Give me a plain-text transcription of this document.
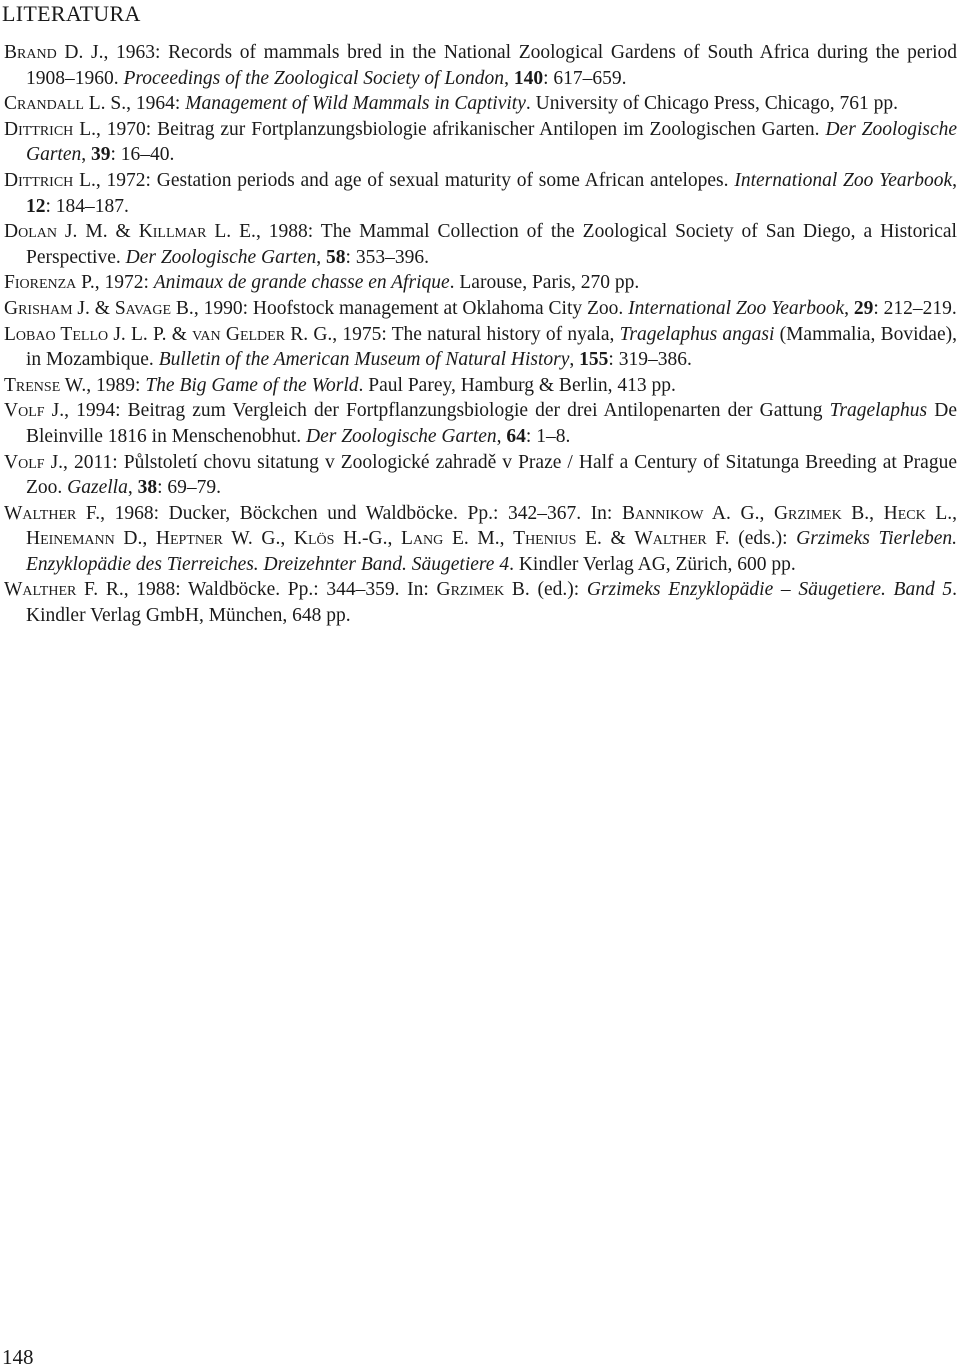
LITERATURA
Brand D. J., 1963: Records of mammals bred in the National Zoological Gardens of South Africa during the period 1908–1960. Proceedings of the Zoological Society of London, 140: 617–659.
Crandall L. S., 1964: Management of Wild Mammals in Captivity. University of Chicago Press, Chicago, 761 pp.
Dittrich L., 1970: Beitrag zur Fortplanzungsbiologie afrikanischer Antilopen im Zoologischen Garten. Der Zoologische Garten, 39: 16–40.
Dittrich L., 1972: Gestation periods and age of sexual maturity of some African antelopes. International Zoo Yearbook, 12: 184–187.
Dolan J. M. & Killmar L. E., 1988: The Mammal Collection of the Zoological Society of San Diego, a Historical Perspective. Der Zoologische Garten, 58: 353–396.
Fiorenza P., 1972: Animaux de grande chasse en Afrique. Larouse, Paris, 270 pp.
Grisham J. & Savage B., 1990: Hoofstock management at Oklahoma City Zoo. International Zoo Yearbook, 29: 212–219.
Lobao Tello J. L. P. & van Gelder R. G., 1975: The natural history of nyala, Tragelaphus angasi (Mammalia, Bovidae), in Mozambique. Bulletin of the American Museum of Natural History, 155: 319–386.
Trense W., 1989: The Big Game of the World. Paul Parey, Hamburg & Berlin, 413 pp.
Volf J., 1994: Beitrag zum Vergleich der Fortpflanzungsbiologie der drei Antilopenarten der Gattung Tragelaphus De Bleinville 1816 in Menschenobhut. Der Zoologische Garten, 64: 1–8.
Volf J., 2011: Půlstoletí chovu sitatung v Zoologické zahradě v Praze / Half a Century of Sitatunga Breeding at Prague Zoo. Gazella, 38: 69–79.
Walther F., 1968: Ducker, Böckchen und Waldböcke. Pp.: 342–367. In: Bannikow A. G., Grzimek B., Heck L., Heinemann D., Heptner W. G., Klös H.-G., Lang E. M., Thenius E. & Walther F. (eds.): Grzimeks Tierleben. Enzyklopädie des Tierreiches. Dreizehnter Band. Säugetiere 4. Kindler Verlag AG, Zürich, 600 pp.
Walther F. R., 1988: Waldböcke. Pp.: 344–359. In: Grzimek B. (ed.): Grzimeks Enzyklopädie – Säugetiere. Band 5. Kindler Verlag GmbH, München, 648 pp.
148
